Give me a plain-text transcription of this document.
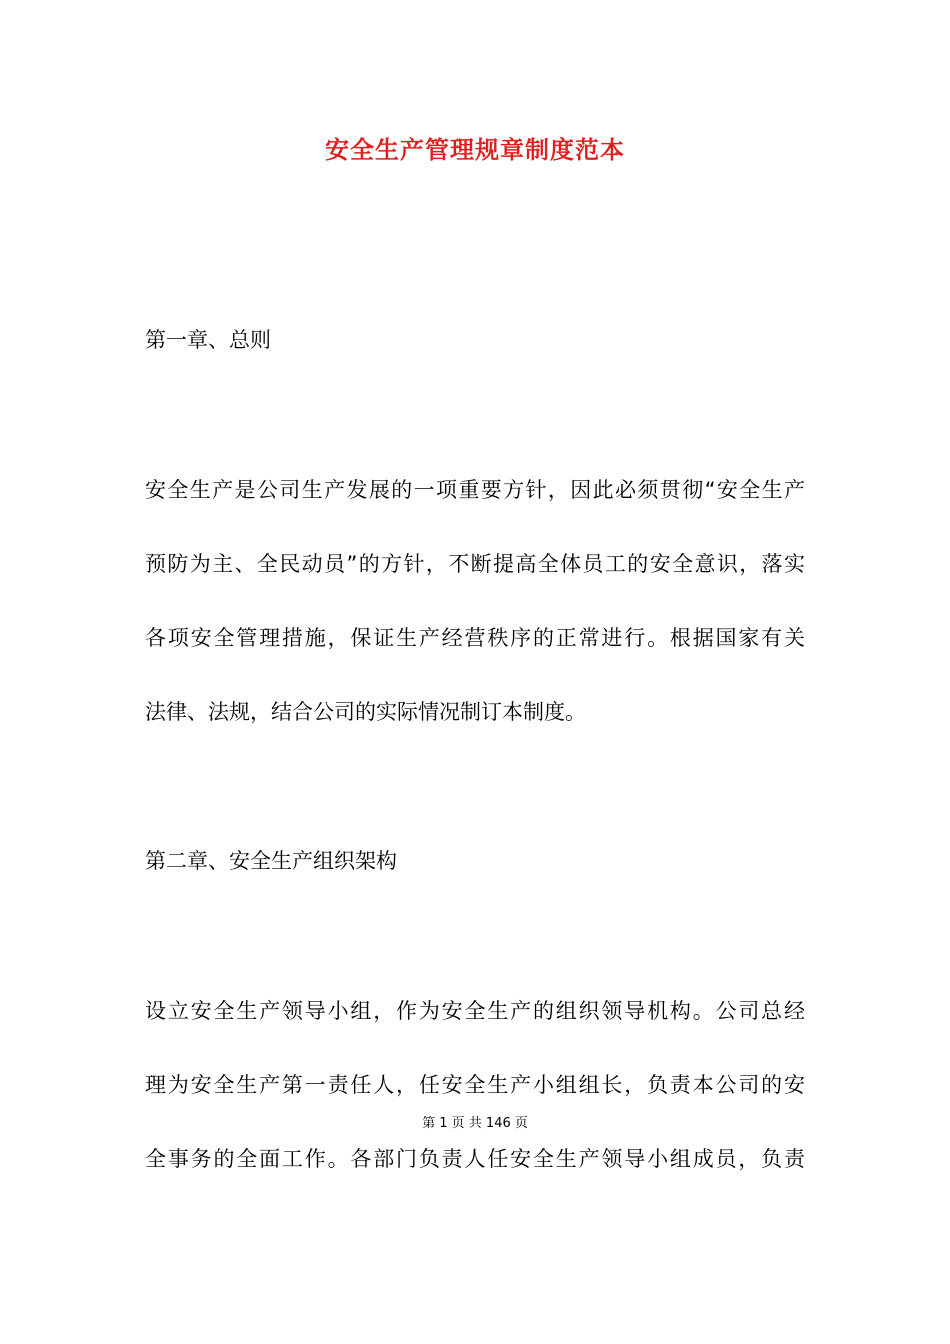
安全生产管理规章制度范本

第一章、总则

安全生产是公司生产发展的一项重要方针，因此必须贯彻“安全生产

预防为主、全民动员”的方针，不断提高全体员工的安全意识，落实

各项安全管理措施，保证生产经营秩序的正常进行。根据国家有关

法律、法规，结合公司的实际情况制订本制度。

第二章、安全生产组织架构

设立安全生产领导小组，作为安全生产的组织领导机构。公司总经

理为安全生产第一责任人，任安全生产小组组长，负责本公司的安

第 1 页 共 146 页

全事务的全面工作。各部门负责人任安全生产领导小组成员，负责
